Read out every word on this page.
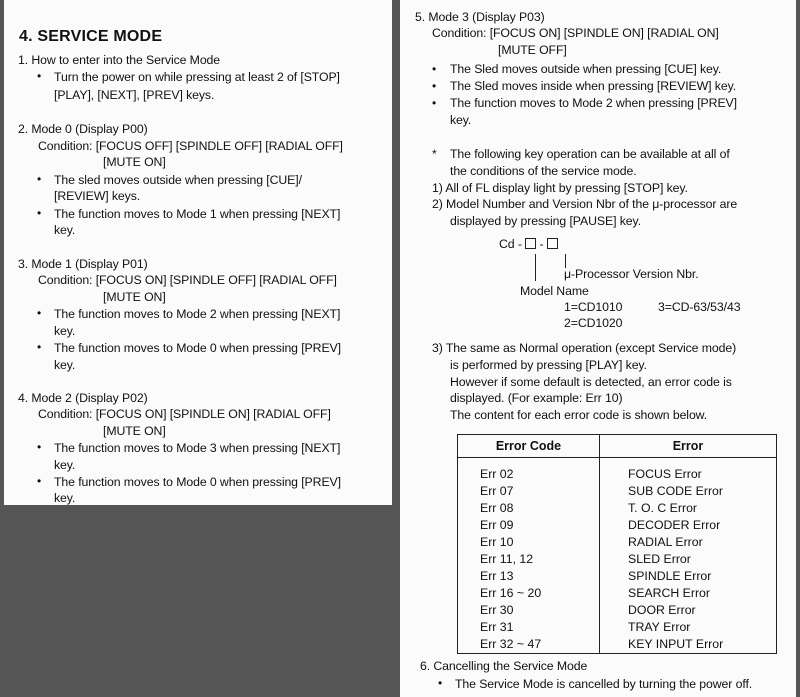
4. SERVICE MODE
1. How to enter into the Service Mode
• Turn the power on while pressing at least 2 of [STOP]
[PLAY], [NEXT], [PREV] keys.
2. Mode 0 (Display P00)
Condition: [FOCUS OFF] [SPINDLE OFF] [RADIAL OFF]
[MUTE ON]
• The sled moves outside when pressing [CUE]/
[REVIEW] keys.
• The function moves to Mode 1 when pressing [NEXT]
key.
3. Mode 1 (Display P01)
Condition: [FOCUS ON] [SPINDLE OFF] [RADIAL OFF]
[MUTE ON]
• The function moves to Mode 2 when pressing [NEXT]
key.
• The function moves to Mode 0 when pressing [PREV]
key.
4. Mode 2 (Display P02)
Condition: [FOCUS ON] [SPINDLE ON] [RADIAL OFF]
[MUTE ON]
• The function moves to Mode 3 when pressing [NEXT]
key.
• The function moves to Mode 0 when pressing [PREV]
key.
5. Mode 3 (Display P03)
Condition: [FOCUS ON] [SPINDLE ON] [RADIAL ON]
[MUTE OFF]
• The Sled moves outside when pressing [CUE] key.
• The Sled moves inside when pressing [REVIEW] key.
• The function moves to Mode 2 when pressing [PREV]
key.
* The following key operation can be available at all of
the conditions of the service mode.
1) All of FL display light by pressing [STOP] key.
2) Model Number and Version Nbr of the μ-processor are
displayed by pressing [PAUSE] key.
Cd - -
μ-Processor Version Nbr.
Model Name
1=CD1010	3=CD-63/53/43
2=CD1020
3) The same as Normal operation (except Service mode)
is performed by pressing [PLAY] key.
However if some default is detected, an error code is
displayed. (For example: Err 10)
The content for each error code is shown below.
Error Code	Error
Err 02	FOCUS Error
Err 07	SUB CODE Error
Err 08	T. O. C Error
Err 09	DECODER Error
Err 10	RADIAL Error
Err 11, 12	SLED Error
Err 13	SPINDLE Error
Err 16 ~ 20	SEARCH Error
Err 30	DOOR Error
Err 31	TRAY Error
Err 32 ~ 47	KEY INPUT Error
6. Cancelling the Service Mode
• The Service Mode is cancelled by turning the power off.
